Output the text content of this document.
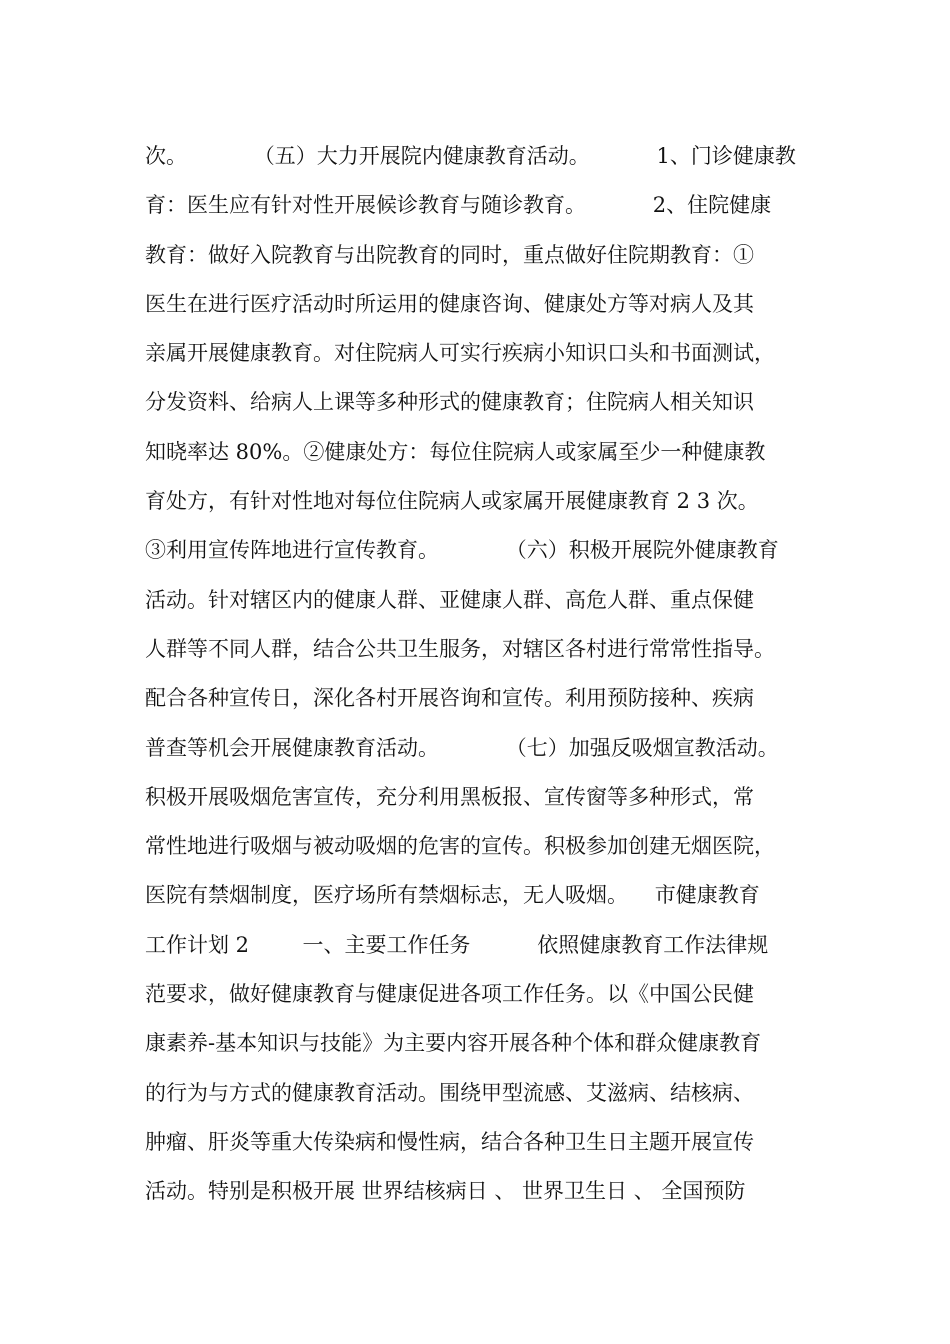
次。          （五）大力开展院内健康教育活动。          1、门诊健康教
育：医生应有针对性开展候诊教育与随诊教育。          2、住院健康
教育：做好入院教育与出院教育的同时，重点做好住院期教育：①
医生在进行医疗活动时所运用的健康咨询、健康处方等对病人及其
亲属开展健康教育。对住院病人可实行疾病小知识口头和书面测试，
分发资料、给病人上课等多种形式的健康教育；住院病人相关知识
知晓率达 80%。②健康处方：每位住院病人或家属至少一种健康教
育处方，有针对性地对每位住院病人或家属开展健康教育 2 3 次。
③利用宣传阵地进行宣传教育。          （六）积极开展院外健康教育
活动。针对辖区内的健康人群、亚健康人群、高危人群、重点保健
人群等不同人群，结合公共卫生服务，对辖区各村进行常常性指导。
配合各种宣传日，深化各村开展咨询和宣传。利用预防接种、疾病
普查等机会开展健康教育活动。          （七）加强反吸烟宣教活动。
积极开展吸烟危害宣传，充分利用黑板报、宣传窗等多种形式，常
常性地进行吸烟与被动吸烟的危害的宣传。积极参加创建无烟医院，
医院有禁烟制度，医疗场所有禁烟标志，无人吸烟。    市健康教育
工作计划 2        一、主要工作任务          依照健康教育工作法律规
范要求，做好健康教育与健康促进各项工作任务。以《中国公民健
康素养-基本知识与技能》为主要内容开展各种个体和群众健康教育
的行为与方式的健康教育活动。围绕甲型流感、艾滋病、结核病、
肿瘤、肝炎等重大传染病和慢性病，结合各种卫生日主题开展宣传
活动。特别是积极开展 世界结核病日 、 世界卫生日 、 全国预防
